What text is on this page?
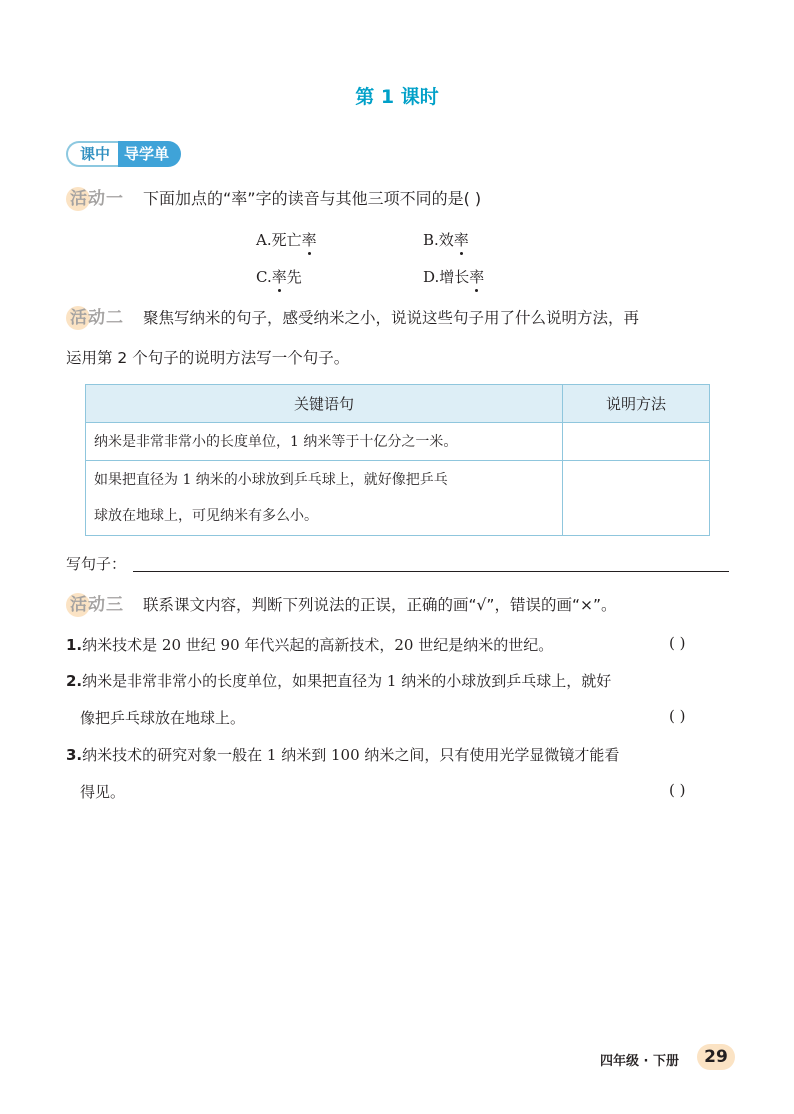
第 1 课时
课中 导学单
活动一 下面加点的“率”字的读音与其他三项不同的是( )
A.死亡率	B.效率
C.率先	D.增长率
活动二 聚焦写纳米的句子，感受纳米之小，说说这些句子用了什么说明方法，再
运用第 2 个句子的说明方法写一个句子。
关键语句	说明方法
纳米是非常非常小的长度单位，1 纳米等于十亿分之一米。	

如果把直径为 1 纳米的小球放到乒乓球上，就好像把乒乓
球放在地球上，可见纳米有多么小。	

写句子：
活动三 联系课文内容，判断下列说法的正误，正确的画“√”，错误的画“×”。
1.纳米技术是 20 世纪 90 年代兴起的高新技术，20 世纪是纳米的世纪。	( )
2.纳米是非常非常小的长度单位，如果把直径为 1 纳米的小球放到乒乓球上，就好
像把乒乓球放在地球上。	( )
3.纳米技术的研究对象一般在 1 纳米到 100 纳米之间，只有使用光学显微镜才能看
得见。	( )
四年级 · 下册	29
